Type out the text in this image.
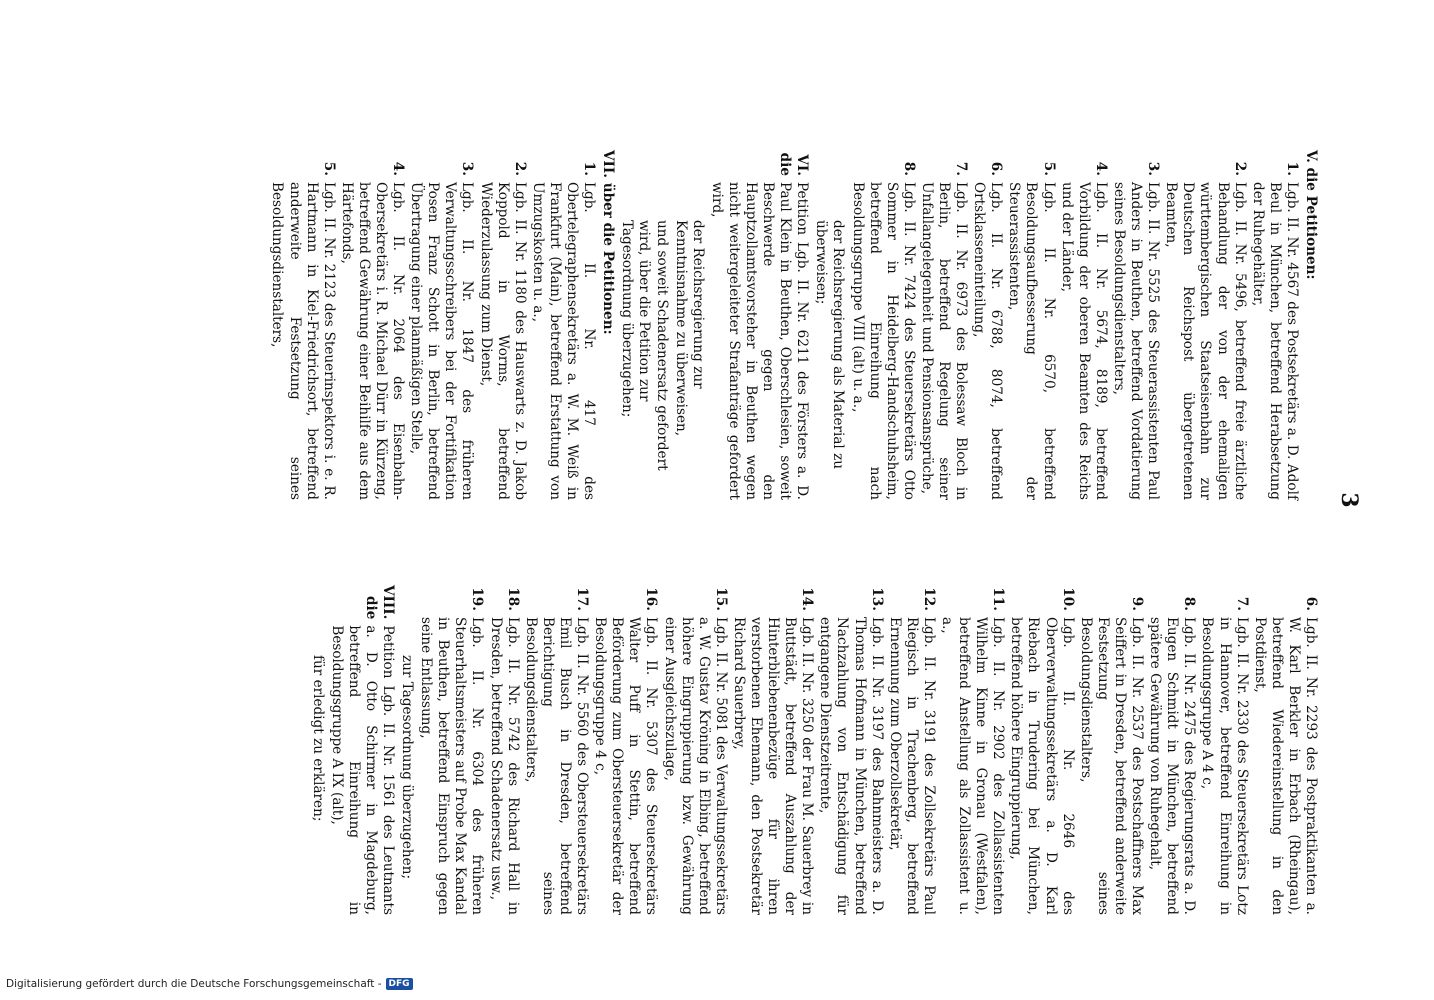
3
V. die Petitionen:
1.
Lgb. II. Nr. 4567 des Postsekretärs a. D. Adolf Beul in München, betreffend Herabsetzung der Ruhegehälter,
2.
Lgb. II. Nr. 5496, betreffend freie ärztliche Behandlung der von der ehemaligen württembergischen Staatseisenbahn zur Deutschen Reichspost übergetretenen Beamten,
3.
Lgb. II. Nr. 5525 des Steuerassistenten Paul Anders in Beuthen, betreffend Vordatierung seines Besoldungsdienstalters,
4.
Lgb. II. Nr. 5674, 8189, betreffend Vorbildung der oberen Beamten des Reichs und der Länder,
5.
Lgb. II. Nr. 6570, betreffend Besoldungsaufbesserung der Steuerassistenten,
6.
Lgb. II. Nr. 6788, 8074, betreffend Ortsklasseneinteilung,
7.
Lgb. II. Nr. 6973 des Bolessaw Bloch in Berlin, betreffend Regelung seiner Unfallangelegenheit und Pensionsansprüche,
8.
Lgb. II. Nr. 7424 des Steuersekretärs Otto Sommer in Heidelberg-Handschuhsheim, betreffend Einreihung nach Besoldungsgruppe VIII (alt) u. a.,
der Reichsregierung als Material zu überweisen;
VI. die
Petition Lgb. II. Nr. 6211 des Försters a. D. Paul Klein in Beuthen, Oberschlesien, soweit Beschwerde gegen den Hauptzollamtsvorsteher in Beuthen wegen nicht weitergeleiteter Strafanträge gefordert wird,
der Reichsregierung zur Kenntnisnahme zu überweisen,
und soweit Schadenersatz gefordert wird, über die Petition zur Tagesordnung überzugehen;
VII. über die Petitionen:
1.
Lgb. II. Nr. 417 des Obertelegraphensekretärs a. W. M. Weiß in Frankfurt (Main), betreffend Erstattung von Umzugskosten u. a.,
2.
Lgb. II. Nr. 1180 des Hauswarts z. D. Jakob Koppold in Worms, betreffend Wiederzulassung zum Dienst,
3.
Lgb. II. Nr. 1847 des früheren Verwaltungsschreibers bei der Fortifikation Posen Franz Schott in Berlin, betreffend Übertragung einer planmäßigen Stelle,
4.
Lgb. II. Nr. 2064 des Eisenbahn-Obersekretärs i. R. Michael Dürr in Kürzeng, betreffend Gewährung einer Beihilfe aus dem Härtefonds,
5.
Lgb. II. Nr. 2123 des Steuerinspektors i. e. R. Hartmann in Kiel-Friedrichsort, betreffend anderweite Festsetzung seines Besoldungsdienstalters,
6.
Lgb. II. Nr. 2293 des Postpraktikanten a. W. Karl Berkler in Erbach (Rheingau), betreffend Wiedereinstellung in den Postdienst,
7.
Lgb. II. Nr. 2330 des Steuersekretärs Lotz in Hannover, betreffend Einreihung in Besoldungsgruppe A 4 c,
8.
Lgb. II. Nr. 2475 des Regierungsrats a. D. Eugen Schmidt in München, betreffend spätere Gewährung von Ruhegehalt,
9.
Lgb. II. Nr. 2537 des Postschaffners Max Seiffert in Dresden, betreffend anderweite Festsetzung seines Besoldungsdienstalters,
10.
Lgb. II. Nr. 2646 des Oberverwaltungssekretärs a. D. Karl Riebach in Trudering bei München, betreffend höhere Eingruppierung,
11.
Lgb. II. Nr. 2902 des Zollassistenten Wilhelm Kinne in Gronau (Westfalen), betreffend Anstellung als Zollassistent u. a.,
12.
Lgb. II. Nr. 3191 des Zollsekretärs Paul Riegisch in Trachenberg, betreffend Ernennung zum Oberzollsekretär,
13.
Lgb. II. Nr. 3197 des Bahnmeisters a. D. Thomas Hofmann in München, betreffend Nachzahlung von Entschädigung für entgangene Dienstzeitrente,
14.
Lgb. II. Nr. 3250 der Frau M. Sauerbrey in Buttstädt, betreffend Auszahlung der Hinterbliebenenbezüge für ihren verstorbenen Ehemann, den Postsekretär Richard Sauerbrey,
15.
Lgb. II. Nr. 5081 des Verwaltungssekretärs a. W. Gustav Kröning in Elbing, betreffend höhere Eingruppierung bzw. Gewährung einer Ausgleichszulage,
16.
Lgb. II. Nr. 5307 des Steuersekretärs Walter Puff in Stettin, betreffend Beförderung zum Obersteuersekretär der Besoldungsgruppe 4 c,
17.
Lgb. II. Nr. 5560 des Obersteuersekretärs Emil Busch in Dresden, betreffend Berichtigung seines Besoldungsdienstalters,
18.
Lgb. II. Nr. 5742 des Richard Hall in Dresden, betreffend Schadenersatz usw.,
19.
Lgb. II. Nr. 6304 des früheren Steuerhaltsmeisters auf Probe Max Kandal in Beuthen, betreffend Einspruch gegen seine Entlassung,
zur Tagesordnung überzugehen;
VIII. die
Petition Lgb. II. Nr. 1561 des Leutnants a. D. Otto Schirmer in Magdeburg, betreffend Einreihung in Besoldungsgruppe A IX (alt),
für erledigt zu erklären;
Digitalisierung gefördert durch die Deutsche Forschungsgemeinschaft - DFG
